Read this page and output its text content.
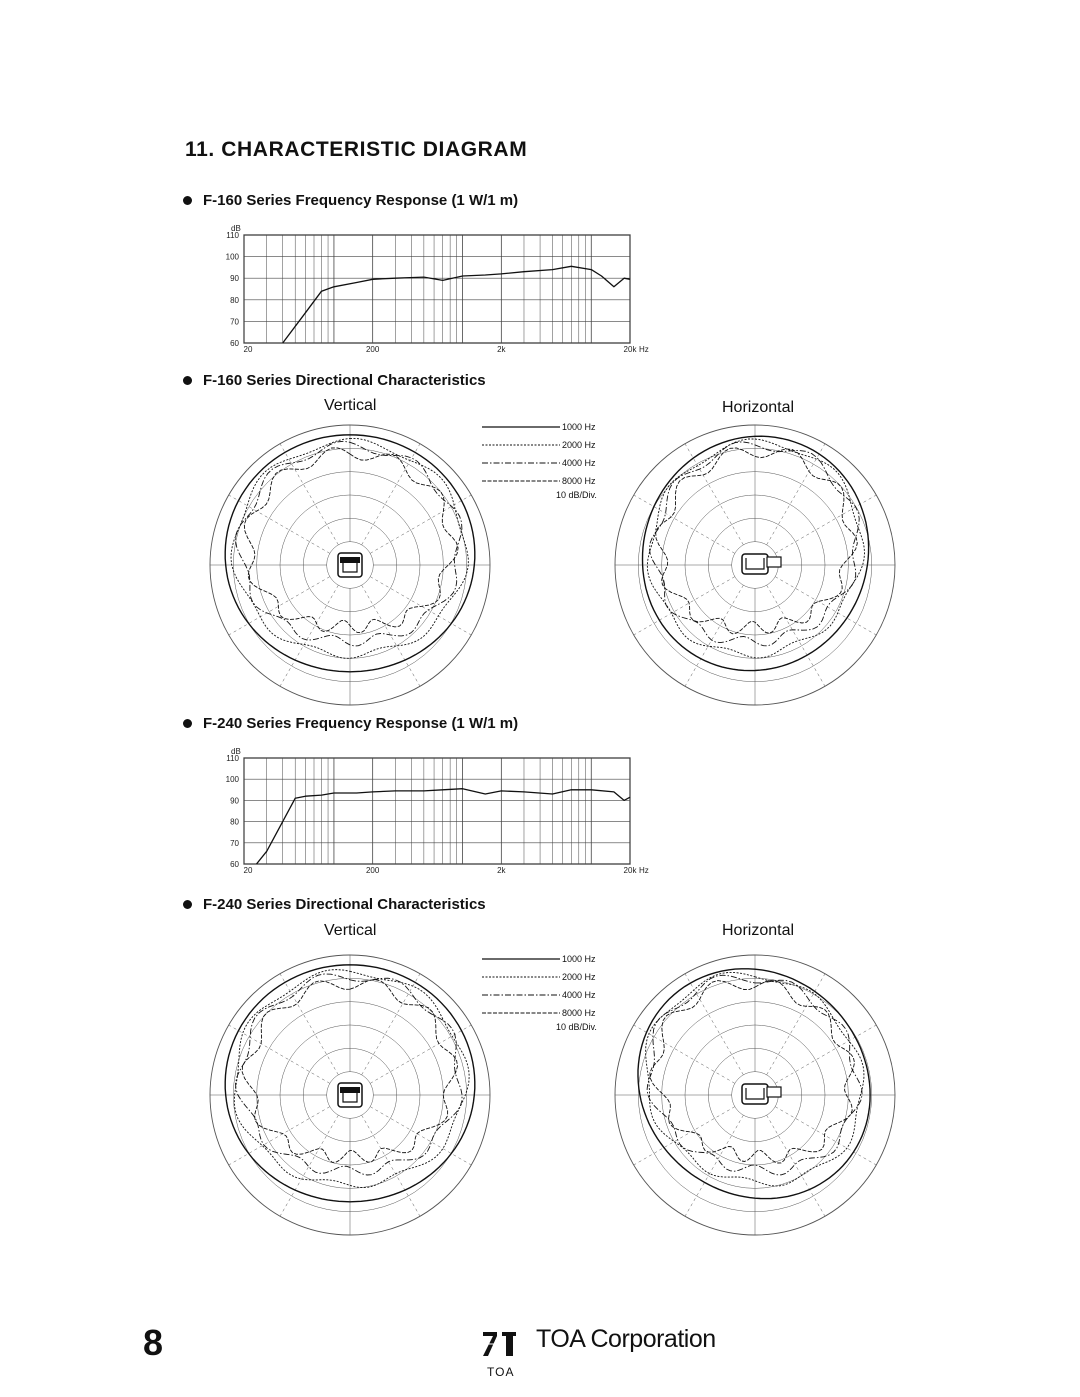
11. CHARACTERISTIC DIAGRAM
F-160 Series Frequency Response (1 W/1 m)
110
100
90
80
70
60
dB
20	200	2k	20k Hz
F-160 Series Directional Characteristics
Vertical	Horizontal
1000 Hz
2000 Hz
4000 Hz
8000 Hz
10 dB/Div.
F-240 Series Frequency Response (1 W/1 m)
110
100
90
80
70
60
dB
20	200	2k	20k Hz
F-240 Series Directional Characteristics
Vertical	Horizontal
1000 Hz
2000 Hz
4000 Hz
8000 Hz
10 dB/Div.
8	TOA Corporation
TOA
